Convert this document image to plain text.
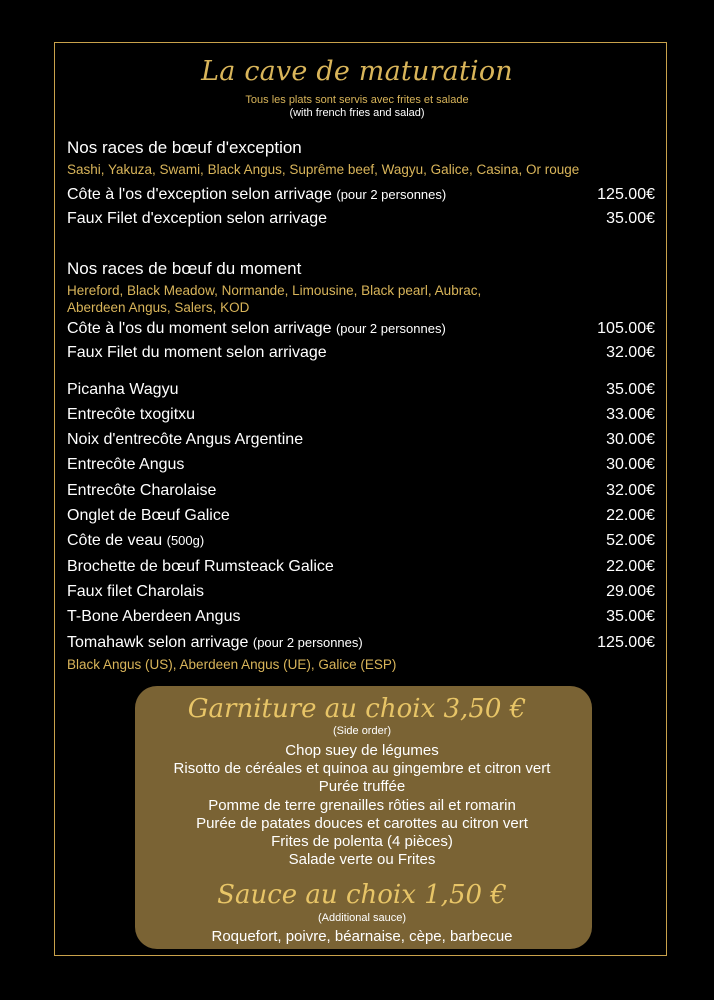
La cave de maturation
Tous les plats sont servis avec frites et salade
(with french fries and salad)
Nos races de bœuf d'exception
Sashi, Yakuza, Swami, Black Angus, Suprême beef, Wagyu, Galice, Casina, Or rouge
Côte à l'os d'exception selon arrivage (pour 2 personnes)	125.00€
Faux Filet d'exception selon arrivage	35.00€
Nos races de bœuf du moment
Hereford, Black Meadow, Normande, Limousine, Black pearl, Aubrac,
Aberdeen Angus, Salers, KOD
Côte à l'os du moment selon arrivage (pour 2 personnes)	105.00€
Faux Filet du moment selon arrivage	32.00€
Picanha Wagyu	35.00€
Entrecôte txogitxu	33.00€
Noix d'entrecôte Angus Argentine	30.00€
Entrecôte Angus	30.00€
Entrecôte Charolaise	32.00€
Onglet de Bœuf Galice	22.00€
Côte de veau (500g)	52.00€
Brochette de bœuf Rumsteack Galice	22.00€
Faux filet Charolais	29.00€
T-Bone Aberdeen Angus	35.00€
Tomahawk selon arrivage (pour 2 personnes)	125.00€
Black Angus (US), Aberdeen Angus (UE), Galice (ESP)
Garniture au choix 3,50 €
(Side order)
Chop suey de légumes
Risotto de céréales et quinoa au gingembre et citron vert
Purée truffée
Pomme de terre grenailles rôties ail et romarin
Purée de patates douces et carottes au citron vert
Frites de polenta (4 pièces)
Salade verte ou Frites
Sauce au choix 1,50 €
(Additional sauce)
Roquefort, poivre, béarnaise, cèpe, barbecue
